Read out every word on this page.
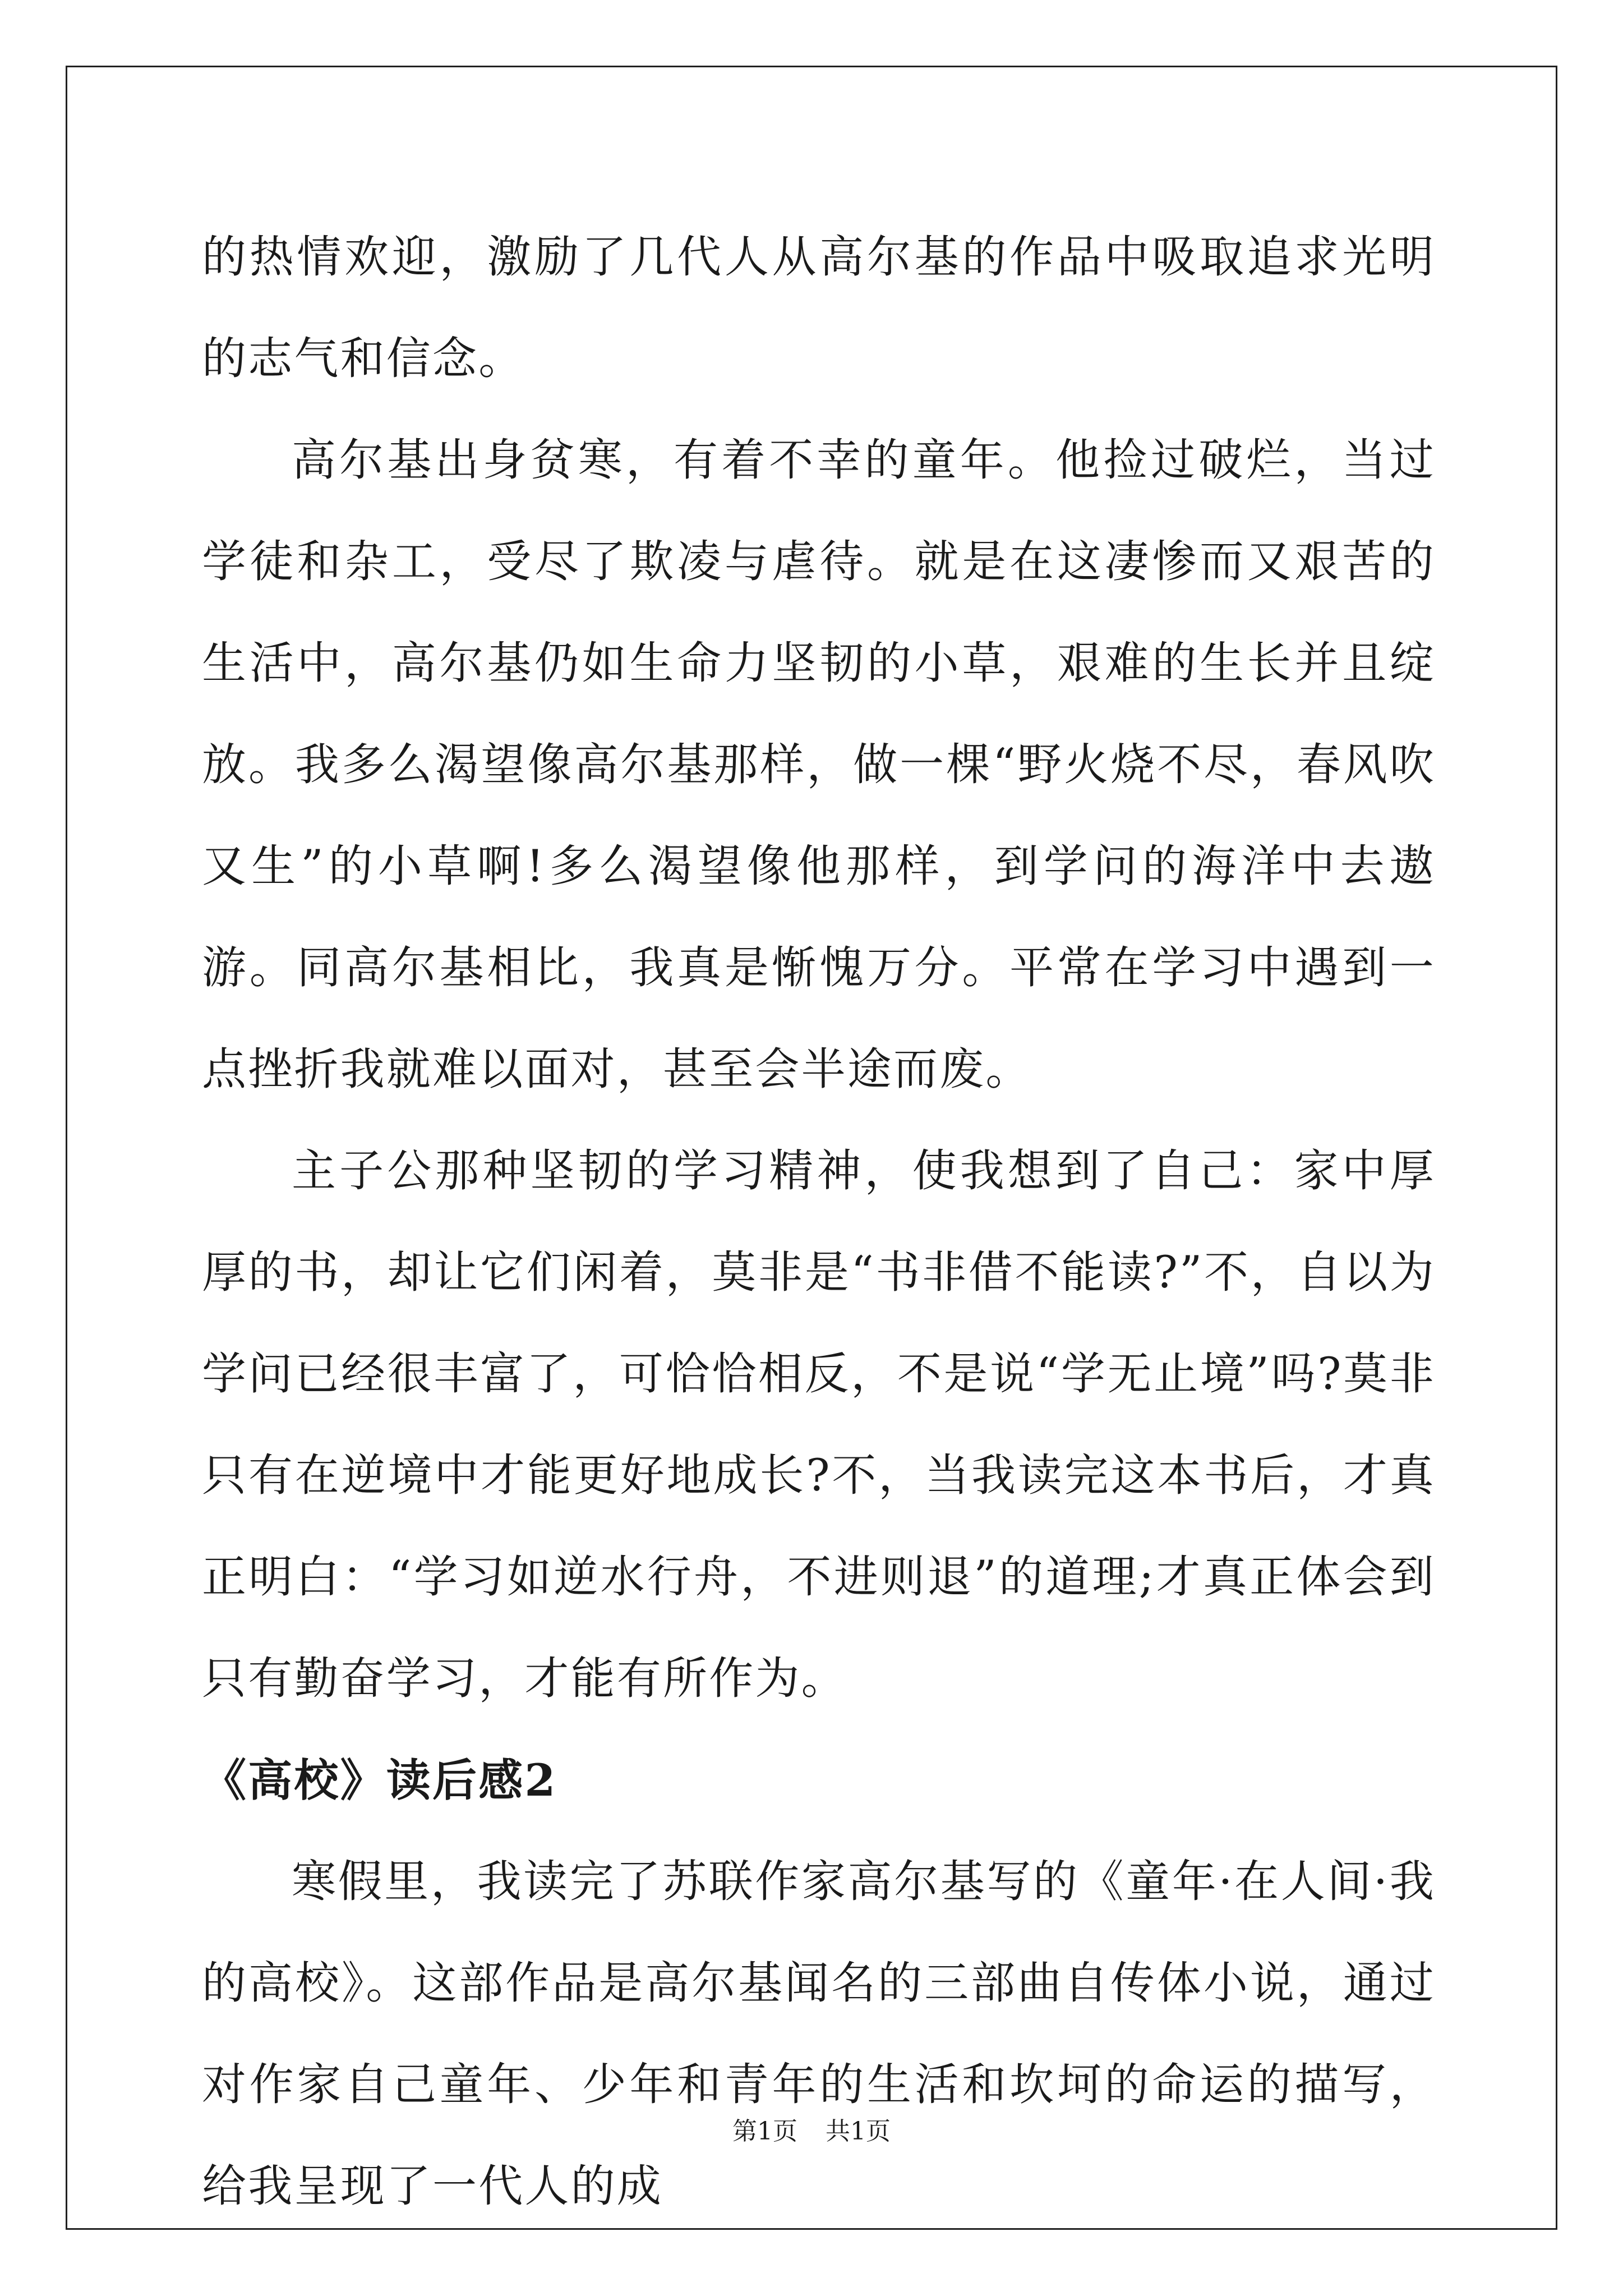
的热情欢迎，激励了几代人从高尔基的作品中吸取追求光明的志气和信念。

高尔基出身贫寒，有着不幸的童年。他捡过破烂，当过学徒和杂工，受尽了欺凌与虐待。就是在这凄惨而又艰苦的生活中，高尔基仍如生命力坚韧的小草，艰难的生长并且绽放。我多么渴望像高尔基那样，做一棵“野火烧不尽，春风吹又生”的小草啊!多么渴望像他那样，到学问的海洋中去遨游。同高尔基相比，我真是惭愧万分。平常在学习中遇到一点挫折我就难以面对，甚至会半途而废。

主子公那种坚韧的学习精神，使我想到了自己：家中厚厚的书，却让它们闲着，莫非是“书非借不能读?”不，自以为学问已经很丰富了，可恰恰相反，不是说“学无止境”吗?莫非只有在逆境中才能更好地成长?不，当我读完这本书后，才真正明白：“学习如逆水行舟，不进则退”的道理;才真正体会到只有勤奋学习，才能有所作为。

《高校》读后感2

寒假里，我读完了苏联作家高尔基写的《童年·在人间·我的高校》。这部作品是高尔基闻名的三部曲自传体小说，通过对作家自己童年、少年和青年的生活和坎坷的命运的描写，给我呈现了一代人的成

第1页 共1页
